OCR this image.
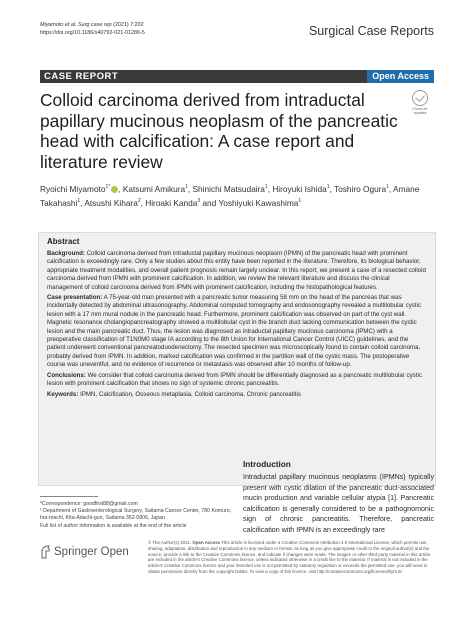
Miyamoto et al. Surg case rep (2021) 7:202
https://doi.org/10.1186/s40792-021-01286-5	Surgical Case Reports
CASE REPORT	Open Access
Colloid carcinoma derived from intraductal papillary mucinous neoplasm of the pancreatic head with calcification: A case report and literature review
Check for updates
Ryoichi Miyamoto$^{1*}$ , Katsumi Amikura$^1$, Shinichi Matsudaira$^1$, Hiroyuki Ishida$^1$, Toshiro Ogura$^1$, Amane Takahashi$^1$, Atsushi Kihara$^2$, Hiroaki Kanda$^3$ and Yoshiyuki Kawashima$^1$
Abstract

Background: Colloid carcinoma derived from intraductal papillary mucinous neoplasm (IPMN) of the pancreatic head with prominent calcification is exceedingly rare. Only a few studies about this entity have been reported in the literature. Therefore, its biological behavior, appropriate treatment modalities, and overall patient prognosis remain largely unclear. In this report, we present a case of a resected colloid carcinoma derived from IPMN with prominent calcification. In addition, we review the relevant literature and discuss the clinical management of colloid carcinoma derived from IPMN with prominent calcification, including the histopathological features.

Case presentation: A 75-year-old man presented with a pancreatic tumor measuring 58 mm on the head of the pancreas that was incidentally detected by abdominal ultrasonography. Abdominal computed tomography and endosonography revealed a multilobular cystic lesion with a 17 mm mural nodule in the pancreatic head. Furthermore, prominent calcification was observed on part of the cyst wall. Magnetic resonance cholangiopancreatography showed a multilobular cyst in the branch duct lacking communication between the cystic lesion and the main pancreatic duct. Thus, the lesion was diagnosed as intraductal papillary mucinous carcinoma (IPMC) with a preoperative classification of T1N0M0 stage IA according to the 8th Union for International Cancer Control (UICC) guidelines, and the patient underwent conventional pancreatoduodenectomy. The resected specimen was microscopically found to contain colloid carcinoma, probably derived from IPMN. In addition, marked calcification was confirmed in the partition wall of the cystic mass. The postoperative course was uneventful, and no evidence of recurrence or metastasis was observed after 10 months of follow-up.

Conclusions: We consider that colloid carcinoma derived from IPMN should be differentially diagnosed as a pancreatic multilobular cystic lesion with prominent calcification that shows no sign of systemic chronic pancreatitis.

Keywords: IPMN, Calcification, Osseous metaplasia, Colloid carcinoma, Chronic pancreatitis

Introduction
Intraductal papillary mucinous neoplasms (IPMNs) typically present with cystic dilation of the pancreatic duct-associated mucin production and variable cellular atypia [1]. Pancreatic calcification is generally considered to be a pathognomonic sign of chronic pancreatitis. Therefore, pancreatic calcification with IPMN is an exceedingly rare
*Correspondence: goodfirst88@gmail.com
¹ Department of Gastroenterological Surgery, Saitama Cancer Center, 780 Komuro, Ina-machi, Kita-Adachi-gun, Saitama 362-0806, Japan
Full list of author information is available at the end of the article
Springer Open
© The Author(s) 2021. Open Access This article is licensed under a Creative Commons Attribution 4.0 International License, which permits use, sharing, adaptation, distribution and reproduction in any medium or format, as long as you give appropriate credit to the original author(s) and the source, provide a link to the Creative Commons licence, and indicate if changes were made. The images or other third party material in this article are included in the article's Creative Commons licence, unless indicated otherwise in a credit line to the material. If material is not included in the article's Creative Commons licence and your intended use is not permitted by statutory regulation or exceeds the permitted use, you will need to obtain permission directly from the copyright holder. To view a copy of this licence, visit http://creativecommons.org/licenses/by/4.0/.
